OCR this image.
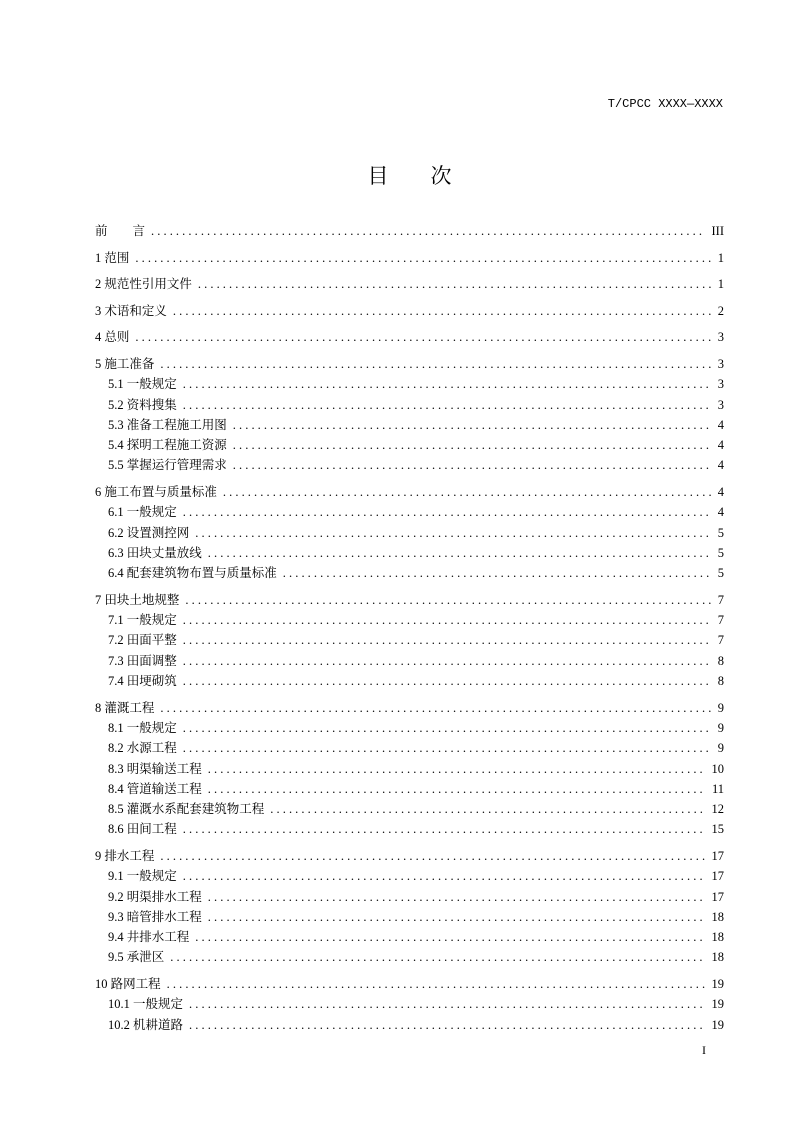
T/CPCC XXXX—XXXX
目　　次
前　　言 .....	III
1 范围 .....	1
2 规范性引用文件 .....	1
3 术语和定义 .....	2
4 总则 .....	3
5 施工准备 .....	3
5.1 一般规定 .....	3
5.2 资料搜集 .....	3
5.3 准备工程施工用图 .....	4
5.4 探明工程施工资源 .....	4
5.5 掌握运行管理需求 .....	4
6 施工布置与质量标准 .....	4
6.1 一般规定 .....	4
6.2 设置测控网 .....	5
6.3 田块丈量放线 .....	5
6.4 配套建筑物布置与质量标准 .....	5
7 田块土地规整 .....	7
7.1 一般规定 .....	7
7.2 田面平整 .....	7
7.3 田面调整 .....	8
7.4 田埂砌筑 .....	8
8 灌溉工程 .....	9
8.1 一般规定 .....	9
8.2 水源工程 .....	9
8.3 明渠输送工程 .....	10
8.4 管道输送工程 .....	11
8.5 灌溉水系配套建筑物工程 .....	12
8.6 田间工程 .....	15
9 排水工程 .....	17
9.1 一般规定 .....	17
9.2 明渠排水工程 .....	17
9.3 暗管排水工程 .....	18
9.4 井排水工程 .....	18
9.5 承泄区 .....	18
10 路网工程 .....	19
10.1 一般规定 .....	19
10.2 机耕道路 .....	19
I
